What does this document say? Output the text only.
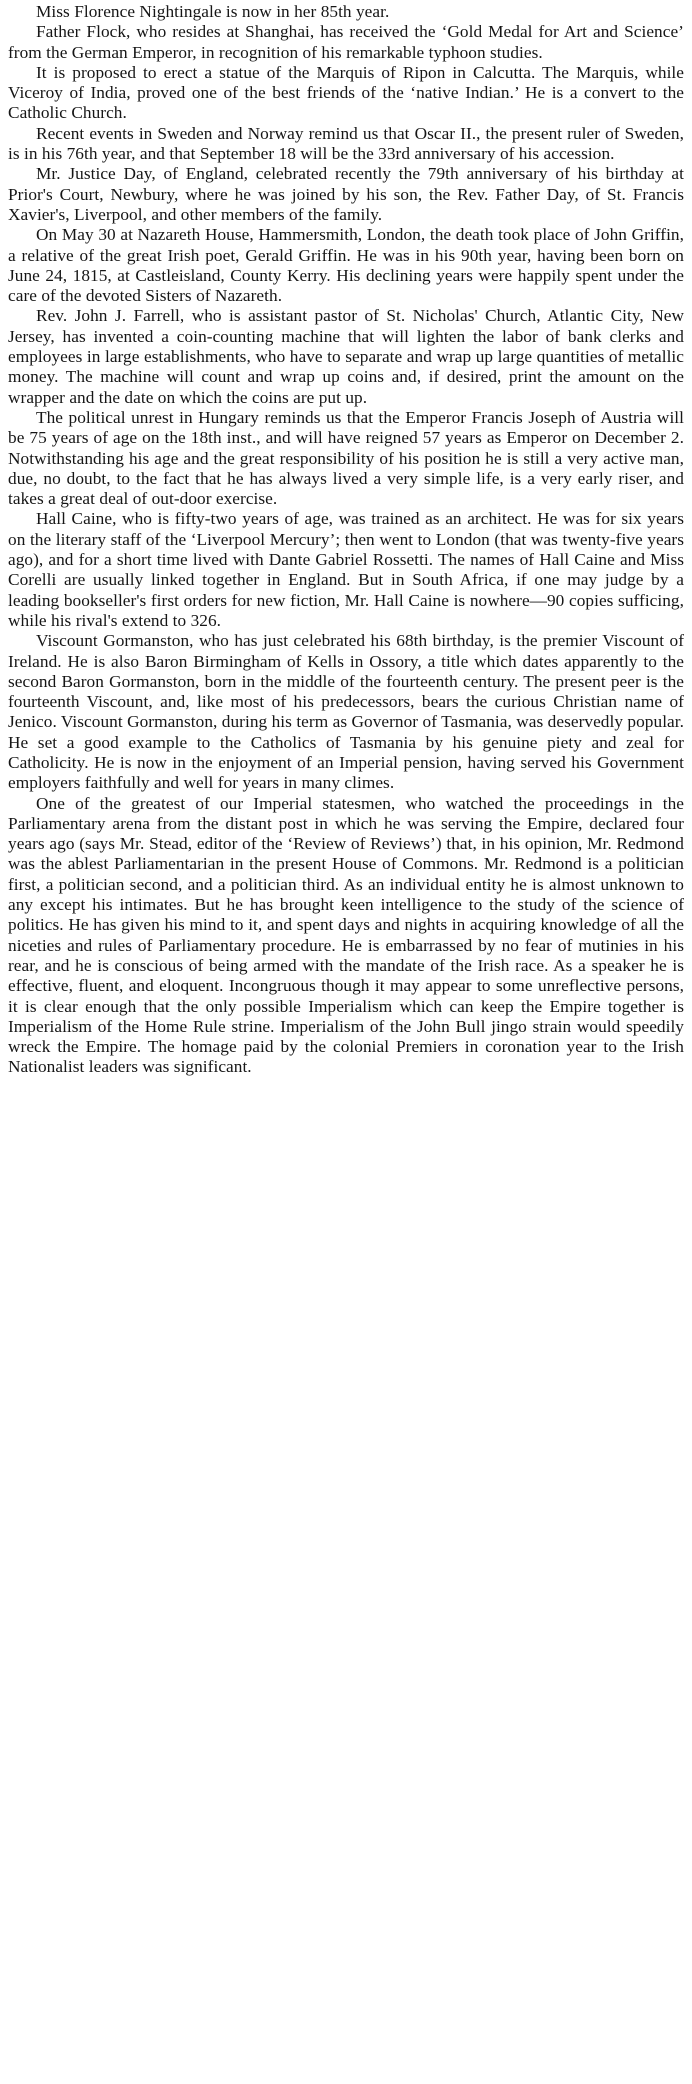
Miss Florence Nightingale is now in her 85th year.

Father Flock, who resides at Shanghai, has received the ‘Gold Medal for Art and Science’ from the German Emperor, in recognition of his remarkable typhoon studies.

It is proposed to erect a statue of the Marquis of Ripon in Calcutta. The Marquis, while Viceroy of India, proved one of the best friends of the ‘native Indian.’ He is a convert to the Catholic Church.

Recent events in Sweden and Norway remind us that Oscar II., the present ruler of Sweden, is in his 76th year, and that September 18 will be the 33rd anniversary of his accession.

Mr. Justice Day, of England, celebrated recently the 79th anniversary of his birthday at Prior's Court, Newbury, where he was joined by his son, the Rev. Father Day, of St. Francis Xavier's, Liverpool, and other members of the family.

On May 30 at Nazareth House, Hammersmith, London, the death took place of John Griffin, a relative of the great Irish poet, Gerald Griffin. He was in his 90th year, having been born on June 24, 1815, at Castleisland, County Kerry. His declining years were happily spent under the care of the devoted Sisters of Nazareth.

Rev. John J. Farrell, who is assistant pastor of St. Nicholas' Church, Atlantic City, New Jersey, has invented a coin-counting machine that will lighten the labor of bank clerks and employees in large establishments, who have to separate and wrap up large quantities of metallic money. The machine will count and wrap up coins and, if desired, print the amount on the wrapper and the date on which the coins are put up.

The political unrest in Hungary reminds us that the Emperor Francis Joseph of Austria will be 75 years of age on the 18th inst., and will have reigned 57 years as Emperor on December 2. Notwithstanding his age and the great responsibility of his position he is still a very active man, due, no doubt, to the fact that he has always lived a very simple life, is a very early riser, and takes a great deal of out-door exercise.

Hall Caine, who is fifty-two years of age, was trained as an architect. He was for six years on the literary staff of the ‘Liverpool Mercury’; then went to London (that was twenty-five years ago), and for a short time lived with Dante Gabriel Rossetti. The names of Hall Caine and Miss Corelli are usually linked together in England. But in South Africa, if one may judge by a leading bookseller's first orders for new fiction, Mr. Hall Caine is nowhere—90 copies sufficing, while his rival's extend to 326.

Viscount Gormanston, who has just celebrated his 68th birthday, is the premier Viscount of Ireland. He is also Baron Birmingham of Kells in Ossory, a title which dates apparently to the second Baron Gormanston, born in the middle of the fourteenth century. The present peer is the fourteenth Viscount, and, like most of his predecessors, bears the curious Christian name of Jenico. Viscount Gormanston, during his term as Governor of Tasmania, was deservedly popular. He set a good example to the Catholics of Tasmania by his genuine piety and zeal for Catholicity. He is now in the enjoyment of an Imperial pension, having served his Government employers faithfully and well for years in many climes.

One of the greatest of our Imperial statesmen, who watched the proceedings in the Parliamentary arena from the distant post in which he was serving the Empire, declared four years ago (says Mr. Stead, editor of the ‘Review of Reviews’) that, in his opinion, Mr. Redmond was the ablest Parliamentarian in the present House of Commons. Mr. Redmond is a politician first, a politician second, and a politician third. As an individual entity he is almost unknown to any except his intimates. But he has brought keen intelligence to the study of the science of politics. He has given his mind to it, and spent days and nights in acquiring knowledge of all the niceties and rules of Parliamentary procedure. He is embarrassed by no fear of mutinies in his rear, and he is conscious of being armed with the mandate of the Irish race. As a speaker he is effective, fluent, and eloquent. Incongruous though it may appear to some unreflective persons, it is clear enough that the only possible Imperialism which can keep the Empire together is Imperialism of the Home Rule strine. Imperialism of the John Bull jingo strain would speedily wreck the Empire. The homage paid by the colonial Premiers in coronation year to the Irish Nationalist leaders was significant.
